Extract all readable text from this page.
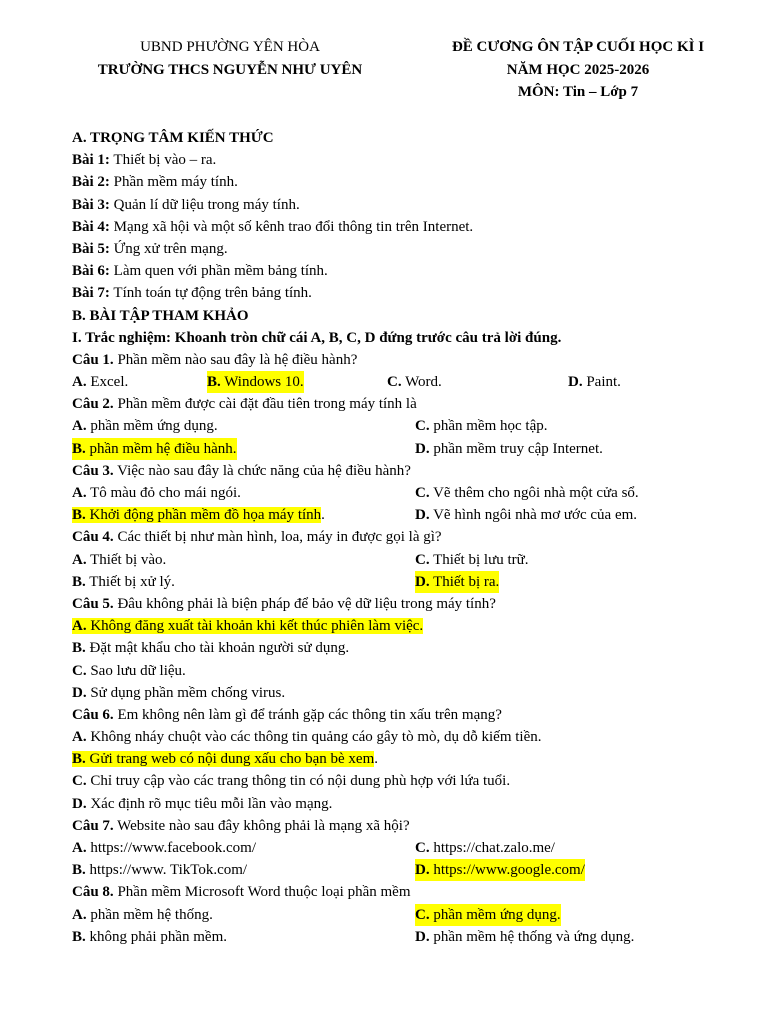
UBND PHƯỜNG YÊN HÒA
TRƯỜNG THCS NGUYỄN NHƯ UYÊN
ĐỀ CƯƠNG ÔN TẬP CUỐI HỌC KÌ I
NĂM HỌC 2025-2026
MÔN: Tin – Lớp 7
A. TRỌNG TÂM KIẾN THỨC
Bài 1: Thiết bị vào – ra.
Bài 2: Phần mềm máy tính.
Bài 3: Quản lí dữ liệu trong máy tính.
Bài 4: Mạng xã hội và một số kênh trao đổi thông tin trên Internet.
Bài 5: Ứng xử trên mạng.
Bài 6: Làm quen với phần mềm bảng tính.
Bài 7: Tính toán tự động trên bảng tính.
B. BÀI TẬP THAM KHẢO
I. Trắc nghiệm: Khoanh tròn chữ cái A, B, C, D đứng trước câu trả lời đúng.
Câu 1. Phần mềm nào sau đây là hệ điều hành?
A. Excel.	B. Windows 10.	C. Word.	D. Paint.
Câu 2. Phần mềm được cài đặt đầu tiên trong máy tính là
A. phần mềm ứng dụng.	C. phần mềm học tập.
B. phần mềm hệ điều hành.	D. phần mềm truy cập Internet.
Câu 3. Việc nào sau đây là chức năng của hệ điều hành?
A. Tô màu đỏ cho mái ngói.	C. Vẽ thêm cho ngôi nhà một cửa sổ.
B. Khởi động phần mềm đồ họa máy tính.	D. Vẽ hình ngôi nhà mơ ước của em.
Câu 4. Các thiết bị như màn hình, loa, máy in được gọi là gì?
A. Thiết bị vào.	C. Thiết bị lưu trữ.
B. Thiết bị xử lý.	D. Thiết bị ra.
Câu 5. Đâu không phải là biện pháp để bảo vệ dữ liệu trong máy tính?
A. Không đăng xuất tài khoản khi kết thúc phiên làm việc.
B. Đặt mật khẩu cho tài khoản người sử dụng.
C. Sao lưu dữ liệu.
D. Sử dụng phần mềm chống virus.
Câu 6. Em không nên làm gì để tránh gặp các thông tin xấu trên mạng?
A. Không nháy chuột vào các thông tin quảng cáo gây tò mò, dụ dỗ kiếm tiền.
B. Gửi trang web có nội dung xấu cho bạn bè xem.
C. Chỉ truy cập vào các trang thông tin có nội dung phù hợp với lứa tuổi.
D. Xác định rõ mục tiêu mỗi lần vào mạng.
Câu 7. Website nào sau đây không phải là mạng xã hội?
A. https://www.facebook.com/	C. https://chat.zalo.me/
B. https://www. TikTok.com/	D. https://www.google.com/
Câu 8. Phần mềm Microsoft Word thuộc loại phần mềm
A. phần mềm hệ thống.	C. phần mềm ứng dụng.
B. không phải phần mềm.	D. phần mềm hệ thống và ứng dụng.
